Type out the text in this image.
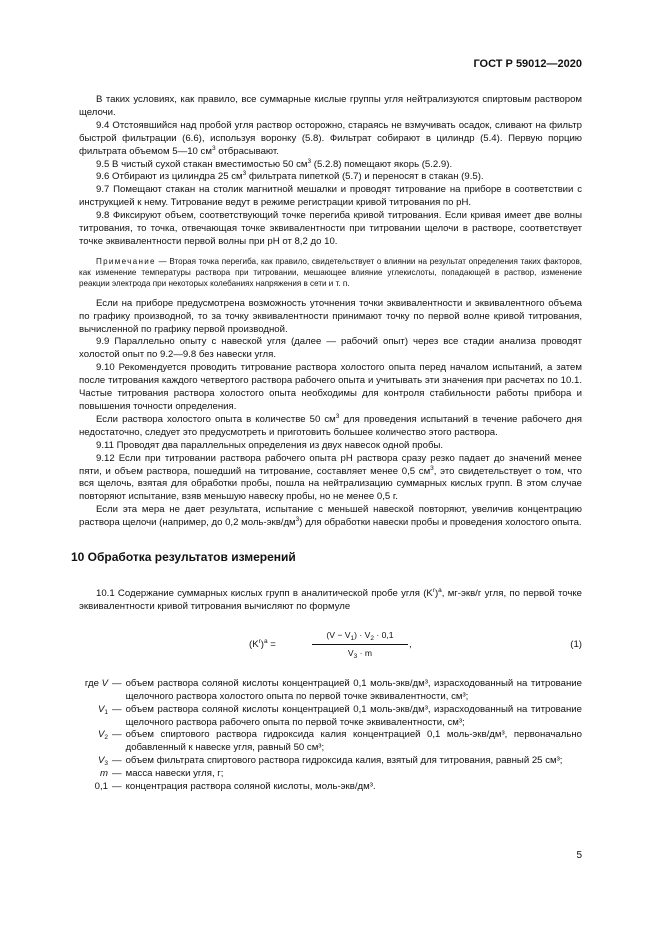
ГОСТ Р 59012—2020

В таких условиях, как правило, все суммарные кислые группы угля нейтрализуются спиртовым раствором щелочи.

9.4 Отстоявшийся над пробой угля раствор осторожно, стараясь не взмучивать осадок, сливают на фильтр быстрой фильтрации (6.6), используя воронку (5.8). Фильтрат собирают в цилиндр (5.4). Первую порцию фильтрата объемом 5—10 $см^3$ отбрасывают.

9.5 В чистый сухой стакан вместимостью 50 $см^3$ (5.2.8) помещают якорь (5.2.9).

9.6 Отбирают из цилиндра 25 $см^3$ фильтрата пипеткой (5.7) и переносят в стакан (9.5).

9.7 Помещают стакан на столик магнитной мешалки и проводят титрование на приборе в соответствии с инструкцией к нему. Титрование ведут в режиме регистрации кривой титрования по рН.

9.8 Фиксируют объем, соответствующий точке перегиба кривой титрования. Если кривая имеет две волны титрования, то точка, отвечающая точке эквивалентности при титровании щелочи в растворе, соответствует точке эквивалентности первой волны при рН от 8,2 до 10.

Примечание — Вторая точка перегиба, как правило, свидетельствует о влиянии на результат определения таких факторов, как изменение температуры раствора при титровании, мешающее влияние углекислоты, попадающей в раствор, изменение реакции электрода при некоторых колебаниях напряжения в сети и т. п.

Если на приборе предусмотрена возможность уточнения точки эквивалентности и эквивалентного объема по графику производной, то за точку эквивалентности принимают точку по первой волне кривой титрования, вычисленной по графику первой производной.

9.9 Параллельно опыту с навеской угля (далее — рабочий опыт) через все стадии анализа проводят холостой опыт по 9.2—9.8 без навески угля.

9.10 Рекомендуется проводить титрование раствора холостого опыта перед началом испытаний, а затем после титрования каждого четвертого раствора рабочего опыта и учитывать эти значения при расчетах по 10.1. Частые титрования раствора холостого опыта необходимы для контроля стабильности работы прибора и повышения точности определения.

Если раствора холостого опыта в количестве 50 $см^3$ для проведения испытаний в течение рабочего дня недостаточно, следует это предусмотреть и приготовить большее количество этого раствора.

9.11 Проводят два параллельных определения из двух навесок одной пробы.

9.12 Если при титровании раствора рабочего опыта рН раствора сразу резко падает до значений менее пяти, и объем раствора, пошедший на титрование, составляет менее 0,5 $см^3$, это свидетельствует о том, что вся щелочь, взятая для обработки пробы, пошла на нейтрализацию суммарных кислых групп. В этом случае повторяют испытание, взяв меньшую навеску пробы, но не менее 0,5 г.

Если эта мера не дает результата, испытание с меньшей навеской повторяют, увеличив концентрацию раствора щелочи (например, до 0,2 моль-$экв/дм^3$) для обработки навески пробы и проведения холостого опыта.

10 Обработка результатов измерений

10.1 Содержание суммарных кислых групп в аналитической пробе угля $(K^r)^a$, мг-экв/г угля, по первой точке эквивалентности кривой титрования вычисляют по формуле

$(K^r)^a$ =	$\frac{(V - V_1) \cdot V_2 \cdot 0,1}{V_3 \cdot m}$ ,	(1)
где V — объем раствора соляной кислоты концентрацией 0,1 моль-экв/дм³, израсходованный на титрование щелочного раствора холостого опыта по первой точке эквивалентности, см³;
$V_1$ — объем раствора соляной кислоты концентрацией 0,1 моль-экв/дм³, израсходованный на титрование щелочного раствора рабочего опыта по первой точке эквивалентности, см³;
$V_2$ — объем спиртового раствора гидроксида калия концентрацией 0,1 моль-экв/дм³, первоначально добавленный к навеске угля, равный 50 см³;
$V_3$ — объем фильтрата спиртового раствора гидроксида калия, взятый для титрования, равный 25 см³;
m — масса навески угля, г;
0,1 — концентрация раствора соляной кислоты, моль-экв/дм³.
5
